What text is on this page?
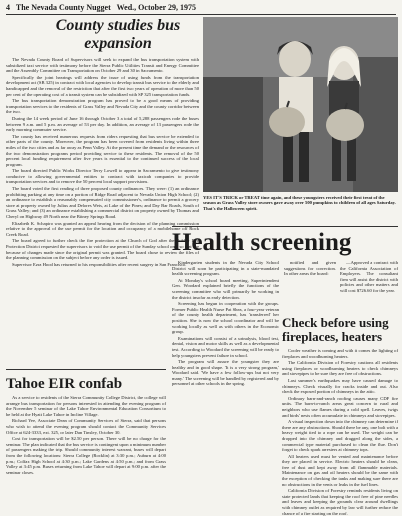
4 The Nevada County Nugget Wed., October 29, 1975
County studies bus expansion

The Nevada County Board of Supervisors will seek to expand the bus transportation system with subsidized taxi service with testimony before the Sierra Public Utilities Transit and Energy Committee and the Assembly Committee on Transportation on October 29 and 30 in Sacramento.

Specifically the joint hearings will address the issue of using funds from the transportation development act (SB 325) in contract with local agencies to develop transit bus service to the elderly and handicapped and the removal of the restriction that after the first two years of operation of more than 50 per cent of the operating cost of a transit system can be subsidized with SP 325 transportation funds.

The bus transportation demonstration program has proved to be a good means of providing transportation services to the residents of Grass Valley and Nevada City and the county corridor between the two.

During the 14 week period of June 16 through October 3 a total of 5,288 passengers rode the buses between 9 a.m. and 5 p.m. an average of 53 per day. In addition, an average of 13 passengers rode the early morning commuter service.

The county has received numerous requests from riders requesting that bus service be extended to other parts of the county. Moreover, the program has been covered from residents living within three miles of the two cities and as far away as Penn Valley. At the present time the demand or the resources of the two demonstration programs period providing service to these residents. The removal of the 50 percent local funding requirement after five years is essential to the continued success of the local program.

The board directed Public Works Director Terry Lowell to appear in Sacramento to give testimony conducive to allowing governmental entities to contract with taxicab companies to provide transportation services and to remove the 50 percent local support provisions.

The board voted the first reading of three proposed county ordinances. They were: (1) an ordinance prohibiting parking at any time on a portion of Ridge Road adjacent to Nevada Union High School; (2) an ordinance to establish a reasonably compensated city commissioner's, ordinance to permit a grocery store at property owned by Julius and Delores Weis, at Lake of the Pines; and Day Bar Roads, South of Grass Valley; and (3) an ordinance establishing a commercial district on property owned by Thomas and Cheryl on Highway 49 North near the Bitney Springs Road.

Elizabeth K. Schapiro was granted an appeal hearing from the decision of the planning commission relative to the approval of the use permit for the location and occupancy of a mobilehome off Rock Creek Road.

The board agreed to further check the fire protection at the Church of God after the Rubber Fire Protection District requested the supervisors to void the use permit of the Sunday school only so that she because of changes made since the original permit was granted. The board chose to review the files of the planning commission on the subject before any order is issued.

Supervisor Ezra Hood has returned to his responsibilities after recent surgery in San Francisco.

YES IT'S TRICK or TREAT time again, and these youngsters received their first treat of the season as Grass Valley store owners gave away over 500 pumpkins to children of all ages Saturday. That's the Halloween spirit.
Health screening

Kindergarten students in the Nevada City School District will soon be participating in a state-mandated health screening program.

At Monday's school board meeting, Superintendent Gen. Woodard explained briefly the functions of the screening committee who will primarily be working in the district insofar as early detection.

Screening has begun in cooperation with the groups. Former Public Health Nurse Pat Shea, a four-year veteran of the county health department, has 'transferred' her position. She is now the school coordinator and will be working locally as well as with others in the Economic group.

Examinations will consist of a urinalysis, blood test, dental, vision and motor skills as well as a developmental test. According to Woodard the screening will be ready to help youngsters prevent failure in school.

The program will assure the youngster they are healthy and in good shape. 'It is a very strong program,' Woodard said. 'We have a few follow-ups but not very many.' The screening will be handled by registered and by personnel at other schools in the spring.

notified and given suggestions for correction. In other areas the board:

—Approved a contract with the California Association of Employers. The consultant firm will assist the district with policies and other matters and will cost $726.60 for the year.

Check before using fireplaces, heaters

Cooler weather is coming and with it comes the lighting of fireplaces and woodburning heaters.

The California Division of Forestry cautions all residents using fireplaces or woodburning heaters to check chimneys and stovepipes to be sure they are free of obstructions.

Last summer's earthquakes may have caused damage to chimneys. Check visually for cracks inside and out. Also check the exposed portion of chimneys in the attic.

Ordinary barn-and-ranch roofing causes many CDF fire units. The barn-to-ranch areas great concern to rural and neighbors who use flames during a cold spell. Leaves, twigs and birds' nests often accumulate in chimneys and stovepipes.

A visual inspection down into the chimney can determine if there are any obstructions. Should there be any, one bolt with a heavy weight tied to a rope can be used. The weight can be dropped into the chimney and dragged along the sides, a commercial type material purchased to clean the flue. Don't forget to check spark arresters at chimney tops.

All heaters used must be vented and maintenance before they are placed in service. Electric heaters should be clean, free of dust and kept away from all flammable materials. Maintenance on gas and oil heaters should be the same with the exception of checking the tanks and making sure there are no obstructions in the vents or leaks in the fuel lines.

California Division of Forestry reminds residents living on state protected lands that keeping the roof free of pine needles and leaves and keeping the grounds clear around dwellings with chimney outlet as required by law will further reduce the chance of a fire starting on the roof.

Tahoe EIR confab

As a service to residents of the Sierra Community College District, the college will arrange bus transportation for persons interested in attending the evening program of the November 5 seminar of the Lake Tahoe Environmental Education Consortium to be held at the Hyatt Lake Tahoe in Incline Village.

Richard Yee, Associate Dean of Community Services of Sierra, said that persons who wish to attend the evening program should contact the Community Services Office at 624-3333, ext. 325, or later Dan Tinsley, October 30.

Cost for transportation will be $2.50 per person. There will be no charge for the seminar. The plan indicated that the bus service is contingent upon a minimum number of passengers making the trip. Should community interest warrant, buses will depart from the following locations: Sierra College (Rocklin) at 3:30 p.m.; Auburn at 4:00 p.m.; Colfax High School at 4:30 p.m.; Lake Gardens at 4:50 p.m.; and from Grass Valley at 3:45 p.m. Buses returning from Lake Tahoe will depart at 9:00 p.m. after the seminar closes.
